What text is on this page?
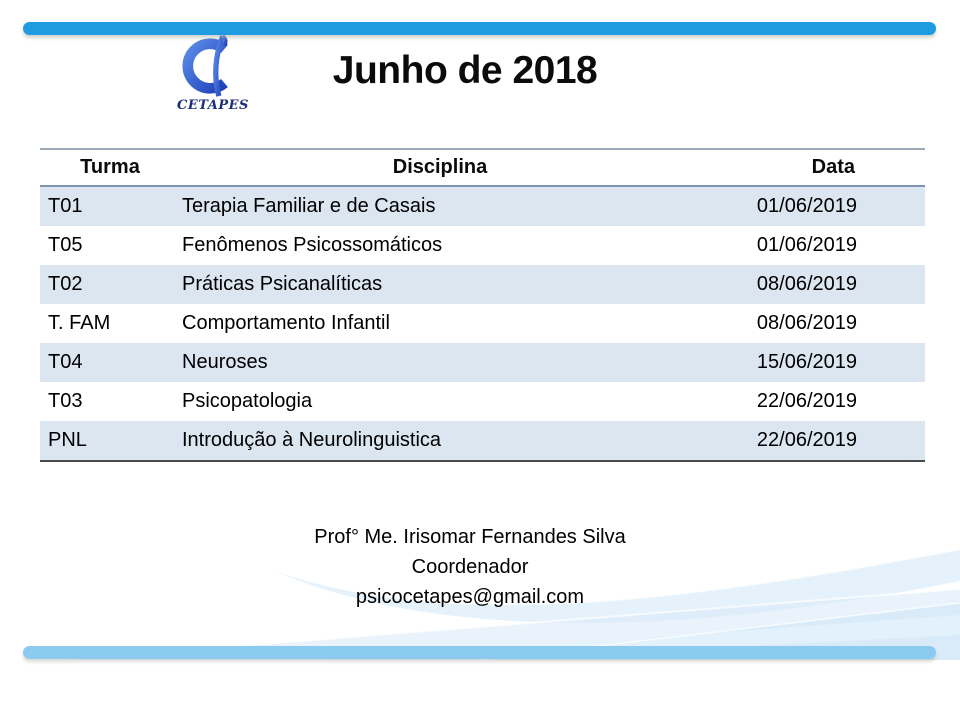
CETAPES
Junho de 2018
Turma	Disciplina	Data
T01	Terapia Familiar e de Casais	01/06/2019
T05	Fenômenos Psicossomáticos	01/06/2019
T02	Práticas Psicanalíticas	08/06/2019
T. FAM	Comportamento Infantil	08/06/2019
T04	Neuroses	15/06/2019
T03	Psicopatologia	22/06/2019
PNL	Introdução à Neurolinguistica	22/06/2019
Prof° Me. Irisomar Fernandes Silva
Coordenador
psicocetapes@gmail.com
